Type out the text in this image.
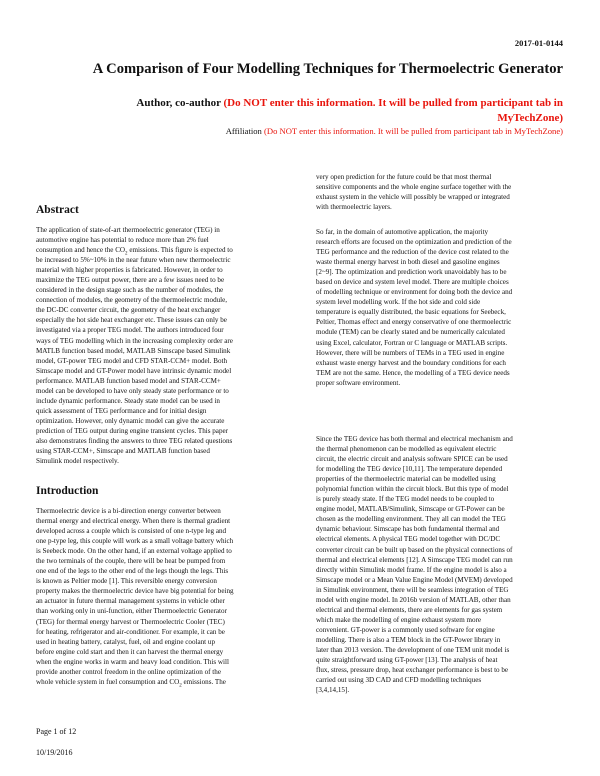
2017-01-0144
A Comparison of Four Modelling Techniques for Thermoelectric Generator
Author, co-author (Do NOT enter this information. It will be pulled from participant tab in MyTechZone)
Affiliation (Do NOT enter this information. It will be pulled from participant tab in MyTechZone)
Abstract

The application of state-of-art thermoelectric generator (TEG) in

automotive engine has potential to reduce more than 2% fuel

consumption and hence the $CO_2$ emissions. This figure is expected to

be increased to 5%~10% in the near future when new thermoelectric

material with higher properties is fabricated. However, in order to

maximize the TEG output power, there are a few issues need to be

considered in the design stage such as the number of modules, the

connection of modules, the geometry of the thermoelectric module,

the DC-DC converter circuit, the geometry of the heat exchanger

especially the hot side heat exchanger etc. These issues can only be

investigated via a proper TEG model. The authors introduced four

ways of TEG modelling which in the increasing complexity order are

MATLB function based model, MATLAB Simscape based Simulink

model, GT-power TEG model and CFD STAR-CCM+ model. Both

Simscape model and GT-Power model have intrinsic dynamic model

performance. MATLAB function based model and STAR-CCM+

model can be developed to have only steady state performance or to

include dynamic performance. Steady state model can be used in

quick assessment of TEG performance and for initial design

optimization. However, only dynamic model can give the accurate

prediction of TEG output during engine transient cycles. This paper

also demonstrates finding the answers to three TEG related questions

using STAR-CCM+, Simscape and MATLAB function based

Simulink model respectively.

Introduction

Thermoelectric device is a bi-direction energy converter between

thermal energy and electrical energy. When there is thermal gradient

developed across a couple which is consisted of one n-type leg and

one p-type leg, this couple will work as a small voltage battery which

is Seebeck mode. On the other hand, if an external voltage applied to

the two terminals of the couple, there will be heat be pumped from

one end of the legs to the other end of the legs though the legs. This

is known as Peltier mode [1]. This reversible energy conversion

property makes the thermoelectric device have big potential for being

an actuator in future thermal management systems in vehicle other

than working only in uni-function, either Thermoelectric Generator

(TEG) for thermal energy harvest or Thermoelectric Cooler (TEC)

for heating, refrigerator and air-conditioner. For example, it can be

used in heating battery, catalyst, fuel, oil and engine coolant up

before engine cold start and then it can harvest the thermal energy

when the engine works in warm and heavy load condition. This will

provide another control freedom in the online optimization of the

whole vehicle system in fuel consumption and $CO_2$ emissions. The

very open prediction for the future could be that most thermal

sensitive components and the whole engine surface together with the

exhaust system in the vehicle will possibly be wrapped or integrated

with thermoelectric layers.

So far, in the domain of automotive application, the majority

research efforts are focused on the optimization and prediction of the

TEG performance and the reduction of the device cost related to the

waste thermal energy harvest in both diesel and gasoline engines

[2~9]. The optimization and prediction work unavoidably has to be

based on device and system level model. There are multiple choices

of modelling technique or environment for doing both the device and

system level modelling work. If the hot side and cold side

temperature is equally distributed, the basic equations for Seebeck,

Peltier, Thomas effect and energy conservative of one thermoelectric

module (TEM) can be clearly stated and be numerically calculated

using Excel, calculator, Fortran or C language or MATLAB scripts.

However, there will be numbers of TEMs in a TEG used in engine

exhaust waste energy harvest and the boundary conditions for each

TEM are not the same. Hence, the modelling of a TEG device needs

proper software environment.

Since the TEG device has both thermal and electrical mechanism and

the thermal phenomenon can be modelled as equivalent electric

circuit, the electric circuit and analysis software SPICE can be used

for modelling the TEG device [10,11]. The temperature depended

properties of the thermoelectric material can be modelled using

polynomial function within the circuit block. But this type of model

is purely steady state. If the TEG model needs to be coupled to

engine model, MATLAB/Simulink, Simscape or GT-Power can be

chosen as the modelling environment. They all can model the TEG

dynamic behaviour. Simscape has both fundamental thermal and

electrical elements. A physical TEG model together with DC/DC

converter circuit can be built up based on the physical connections of

thermal and electrical elements [12]. A Simscape TEG model can run

directly within Simulink model frame. If the engine model is also a

Simscape model or a Mean Value Engine Model (MVEM) developed

in Simulink environment, there will be seamless integration of TEG

model with engine model. In 2016b version of MATLAB, other than

electrical and thermal elements, there are elements for gas system

which make the modelling of engine exhaust system more

convenient. GT-power is a commonly used software for engine

modelling. There is also a TEM block in the GT-Power library in

later than 2013 version. The development of one TEM unit model is

quite straightforward using GT-power [13]. The analysis of heat

flux, stress, pressure drop, heat exchanger performance is best to be

carried out using 3D CAD and CFD modelling techniques

[3,4,14,15].

Page 1 of 12
10/19/2016
